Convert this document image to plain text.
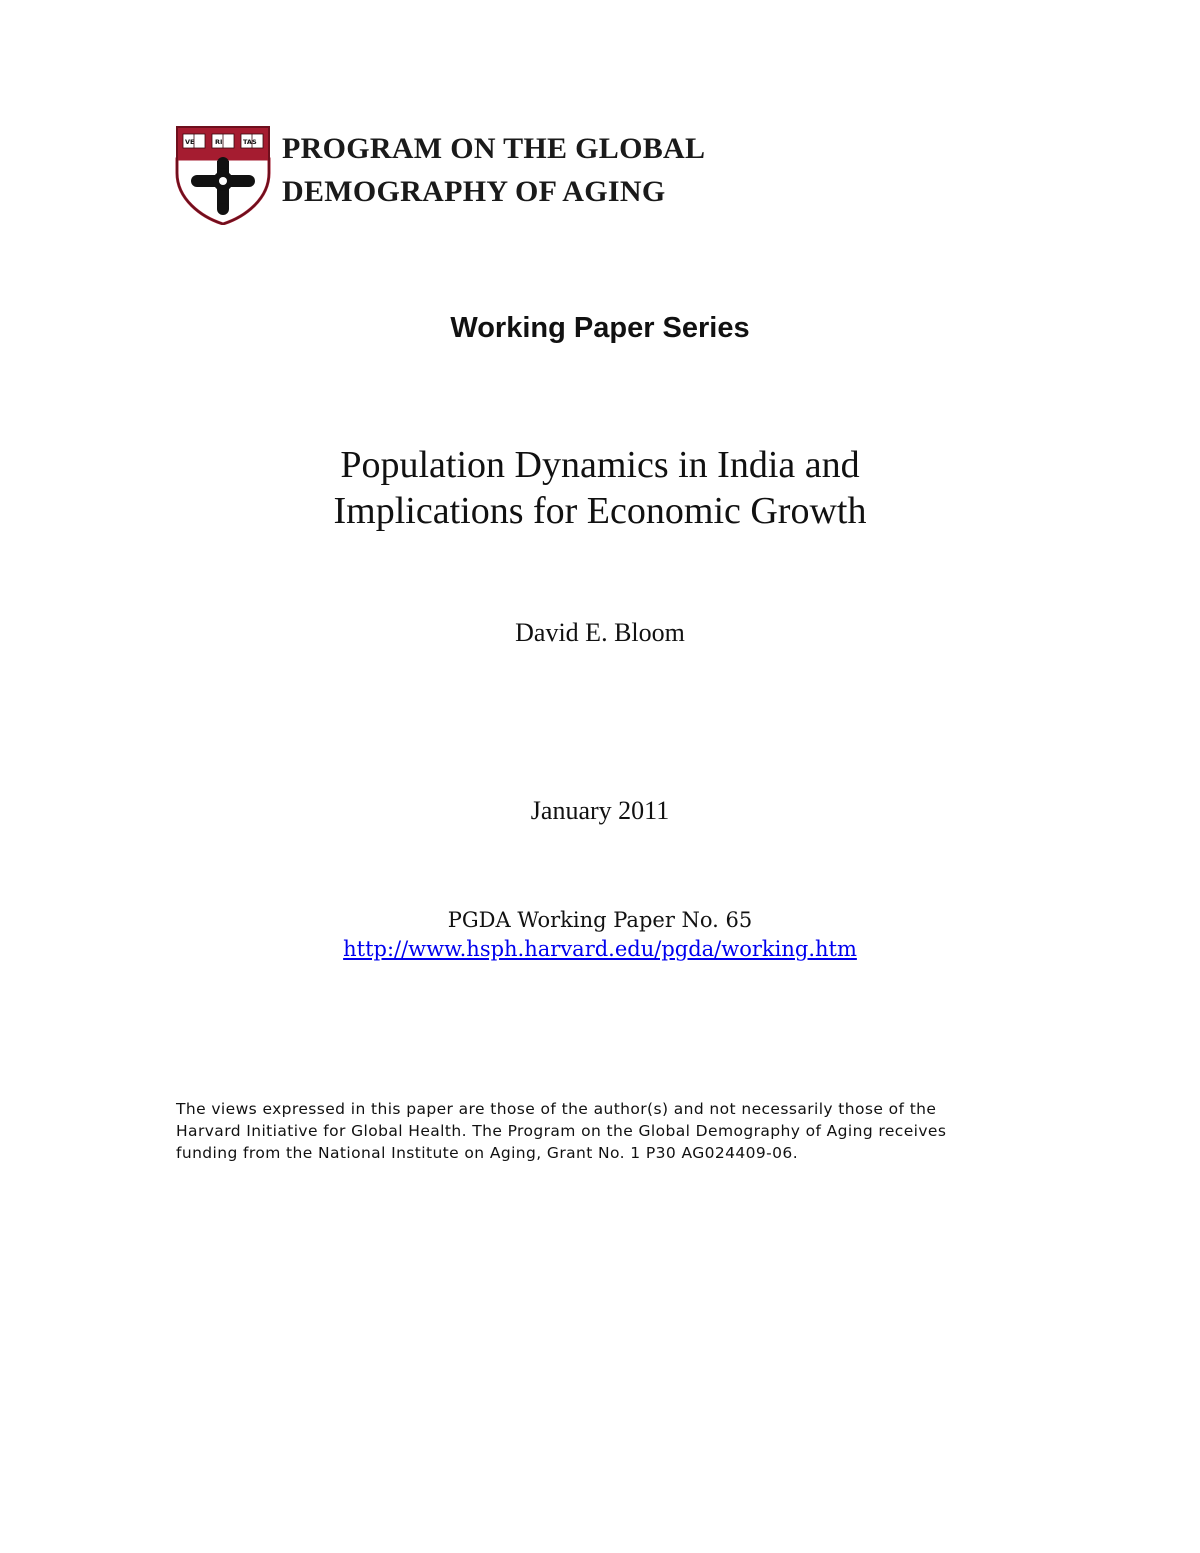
VE	RI	TAS PROGRAM ON THE GLOBAL
DEMOGRAPHY OF AGING
Working Paper Series
Population Dynamics in India and
Implications for Economic Growth
David E. Bloom
January 2011
PGDA Working Paper No. 65
http://www.hsph.harvard.edu/pgda/working.htm
The views expressed in this paper are those of the author(s) and not necessarily those of the
Harvard Initiative for Global Health. The Program on the Global Demography of Aging receives
funding from the National Institute on Aging, Grant No. 1 P30 AG024409-06.
